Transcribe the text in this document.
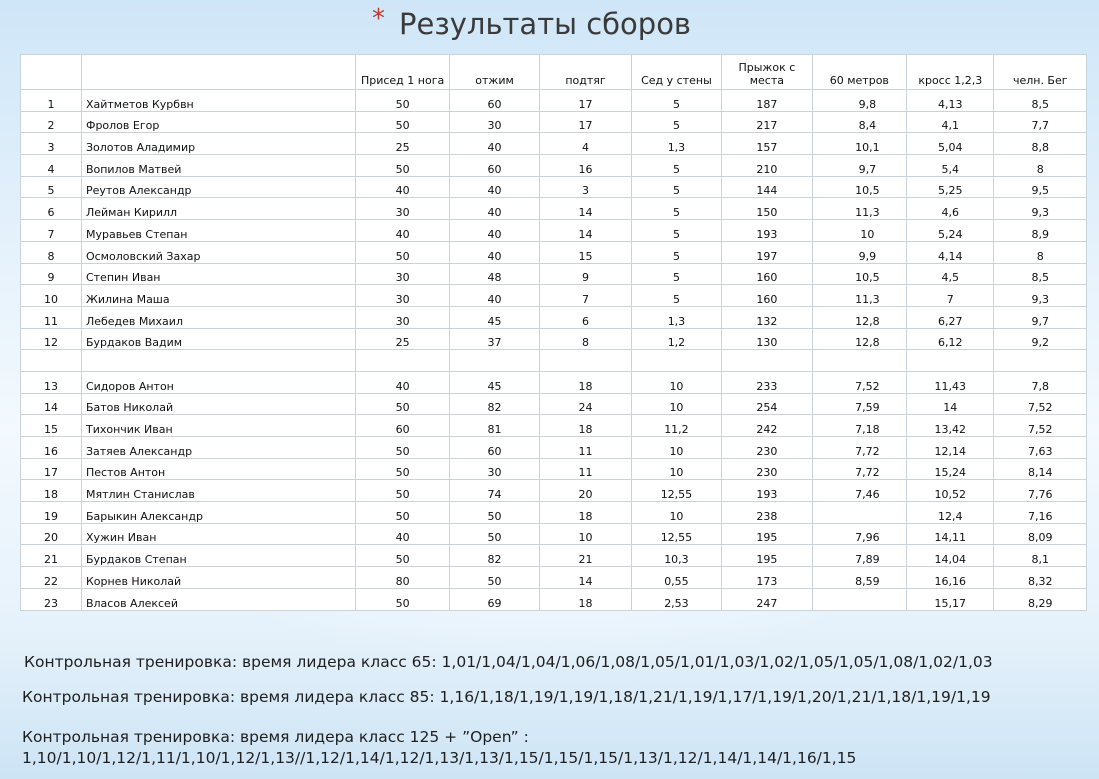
* Результаты сборов
		Присед 1 нога	отжим	подтяг	Сед у стены	Прыжок с места	60 метров	кросс 1,2,3	челн. Бег
1	Хайтметов Курбвн	50	60	17	5	187	9,8	4,13	8,5
2	Фролов Егор	50	30	17	5	217	8,4	4,1	7,7
3	Золотов Аладимир	25	40	4	1,3	157	10,1	5,04	8,8
4	Вопилов Матвей	50	60	16	5	210	9,7	5,4	8
5	Реутов Александр	40	40	3	5	144	10,5	5,25	9,5
6	Лейман Кирилл	30	40	14	5	150	11,3	4,6	9,3
7	Муравьев Степан	40	40	14	5	193	10	5,24	8,9
8	Осмоловский Захар	50	40	15	5	197	9,9	4,14	8
9	Степин Иван	30	48	9	5	160	10,5	4,5	8,5
10	Жилина Маша	30	40	7	5	160	11,3	7	9,3
11	Лебедев Михаил	30	45	6	1,3	132	12,8	6,27	9,7
12	Бурдаков Вадим	25	37	8	1,2	130	12,8	6,12	9,2

13	Сидоров Антон	40	45	18	10	233	7,52	11,43	7,8
14	Батов Николай	50	82	24	10	254	7,59	14	7,52
15	Тихончик Иван	60	81	18	11,2	242	7,18	13,42	7,52
16	Затяев Александр	50	60	11	10	230	7,72	12,14	7,63
17	Пестов Антон	50	30	11	10	230	7,72	15,24	8,14
18	Мятлин Станислав	50	74	20	12,55	193	7,46	10,52	7,76
19	Барыкин Александр	50	50	18	10	238		12,4	7,16
20	Хужин Иван	40	50	10	12,55	195	7,96	14,11	8,09
21	Бурдаков Степан	50	82	21	10,3	195	7,89	14,04	8,1
22	Корнев Николай	80	50	14	0,55	173	8,59	16,16	8,32
23	Власов Алексей	50	69	18	2,53	247		15,17	8,29
Контрольная тренировка: время лидера класс 65: 1,01/1,04/1,04/1,06/1,08/1,05/1,01/1,03/1,02/1,05/1,05/1,08/1,02/1,03
Контрольная тренировка: время лидера класс 85: 1,16/1,18/1,19/1,19/1,18/1,21/1,19/1,17/1,19/1,20/1,21/1,18/1,19/1,19
Контрольная тренировка: время лидера класс 125 + ”Open” :
1,10/1,10/1,12/1,11/1,10/1,12/1,13//1,12/1,14/1,12/1,13/1,13/1,15/1,15/1,15/1,13/1,12/1,14/1,14/1,16/1,15
